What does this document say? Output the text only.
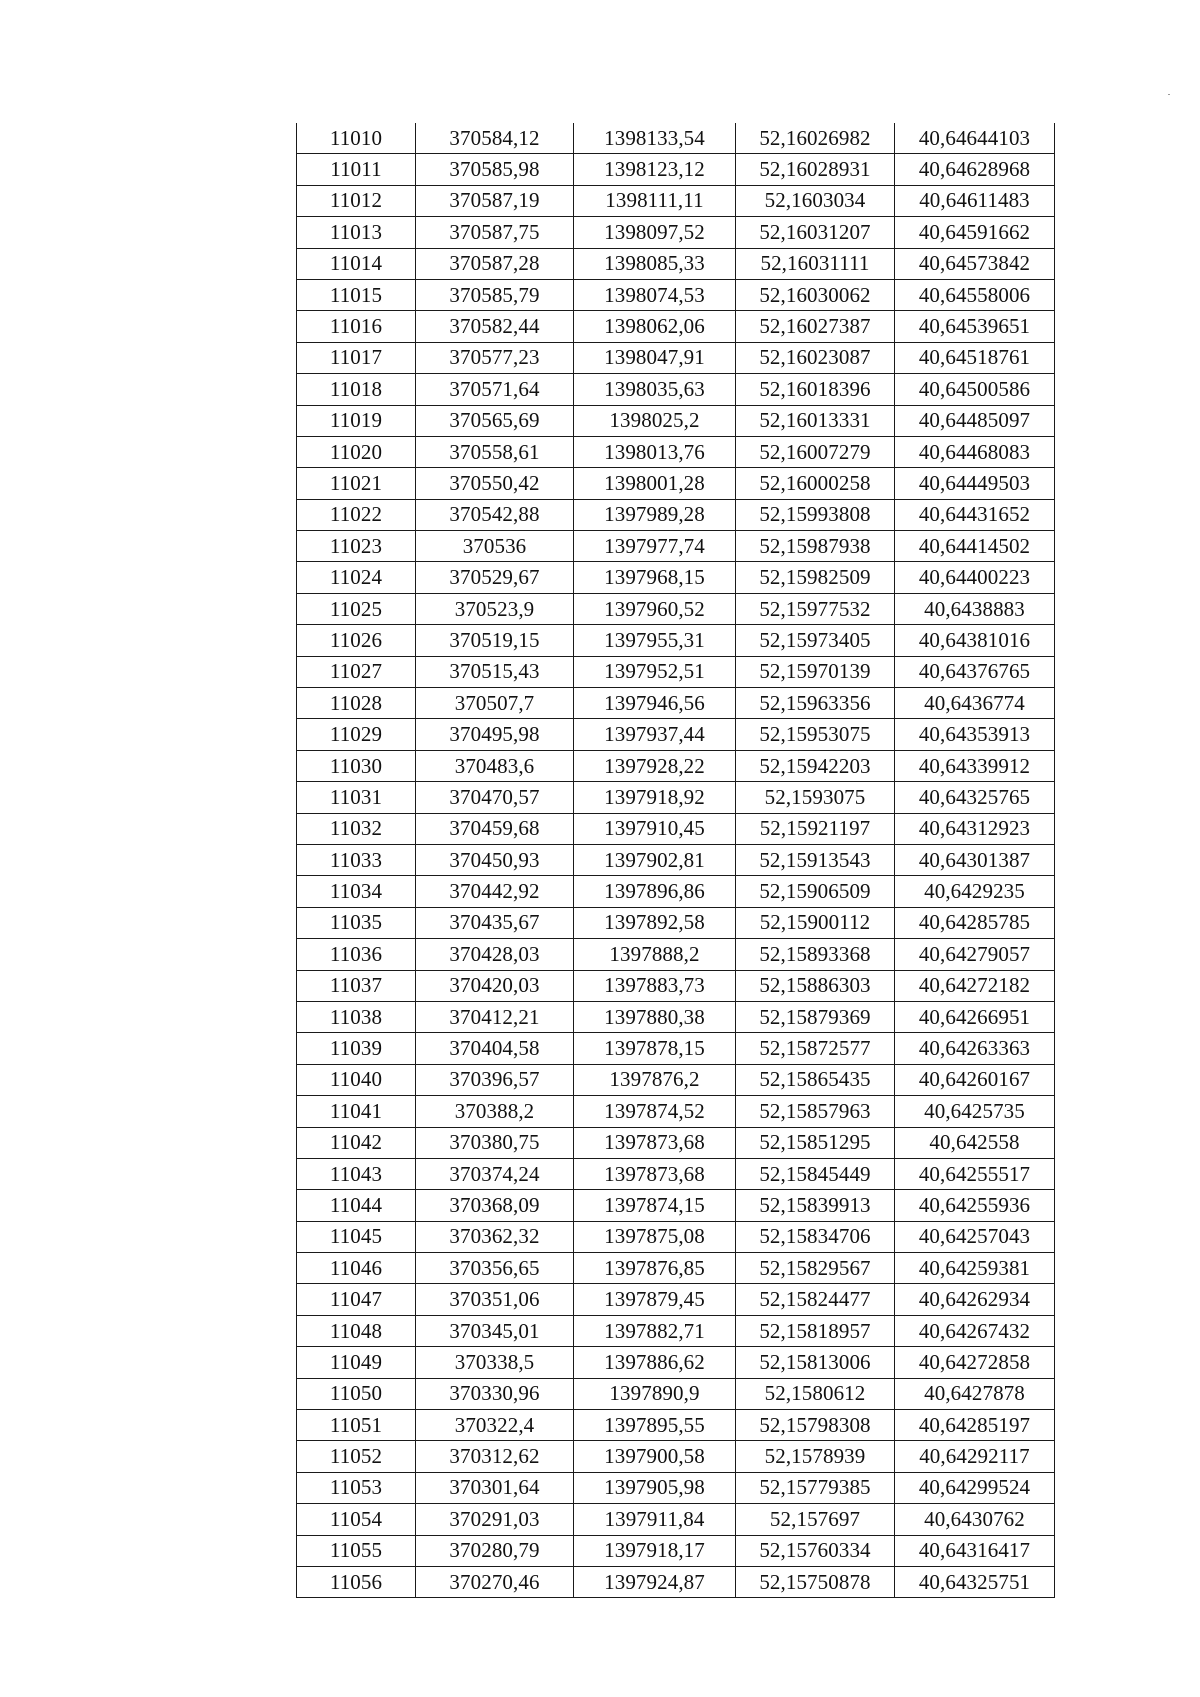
11010	370584,12	1398133,54	52,16026982	40,64644103
11011	370585,98	1398123,12	52,16028931	40,64628968
11012	370587,19	1398111,11	52,1603034	40,64611483
11013	370587,75	1398097,52	52,16031207	40,64591662
11014	370587,28	1398085,33	52,16031111	40,64573842
11015	370585,79	1398074,53	52,16030062	40,64558006
11016	370582,44	1398062,06	52,16027387	40,64539651
11017	370577,23	1398047,91	52,16023087	40,64518761
11018	370571,64	1398035,63	52,16018396	40,64500586
11019	370565,69	1398025,2	52,16013331	40,64485097
11020	370558,61	1398013,76	52,16007279	40,64468083
11021	370550,42	1398001,28	52,16000258	40,64449503
11022	370542,88	1397989,28	52,15993808	40,64431652
11023	370536	1397977,74	52,15987938	40,64414502
11024	370529,67	1397968,15	52,15982509	40,64400223
11025	370523,9	1397960,52	52,15977532	40,6438883
11026	370519,15	1397955,31	52,15973405	40,64381016
11027	370515,43	1397952,51	52,15970139	40,64376765
11028	370507,7	1397946,56	52,15963356	40,6436774
11029	370495,98	1397937,44	52,15953075	40,64353913
11030	370483,6	1397928,22	52,15942203	40,64339912
11031	370470,57	1397918,92	52,1593075	40,64325765
11032	370459,68	1397910,45	52,15921197	40,64312923
11033	370450,93	1397902,81	52,15913543	40,64301387
11034	370442,92	1397896,86	52,15906509	40,6429235
11035	370435,67	1397892,58	52,15900112	40,64285785
11036	370428,03	1397888,2	52,15893368	40,64279057
11037	370420,03	1397883,73	52,15886303	40,64272182
11038	370412,21	1397880,38	52,15879369	40,64266951
11039	370404,58	1397878,15	52,15872577	40,64263363
11040	370396,57	1397876,2	52,15865435	40,64260167
11041	370388,2	1397874,52	52,15857963	40,6425735
11042	370380,75	1397873,68	52,15851295	40,642558
11043	370374,24	1397873,68	52,15845449	40,64255517
11044	370368,09	1397874,15	52,15839913	40,64255936
11045	370362,32	1397875,08	52,15834706	40,64257043
11046	370356,65	1397876,85	52,15829567	40,64259381
11047	370351,06	1397879,45	52,15824477	40,64262934
11048	370345,01	1397882,71	52,15818957	40,64267432
11049	370338,5	1397886,62	52,15813006	40,64272858
11050	370330,96	1397890,9	52,1580612	40,6427878
11051	370322,4	1397895,55	52,15798308	40,64285197
11052	370312,62	1397900,58	52,1578939	40,64292117
11053	370301,64	1397905,98	52,15779385	40,64299524
11054	370291,03	1397911,84	52,157697	40,6430762
11055	370280,79	1397918,17	52,15760334	40,64316417
11056	370270,46	1397924,87	52,15750878	40,64325751
